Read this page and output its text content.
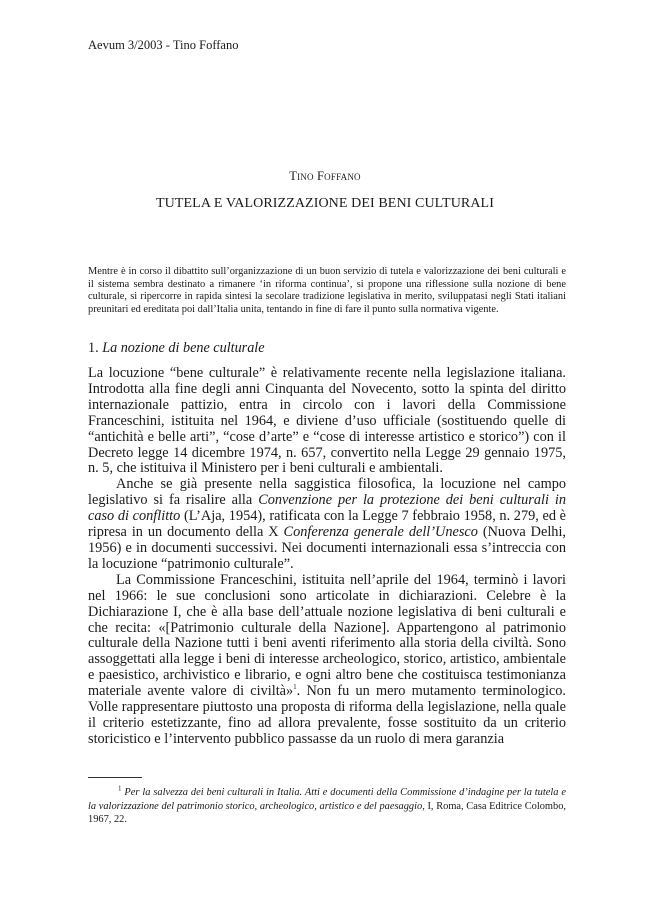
Aevum 3/2003 - Tino Foffano
Tino Foffano
TUTELA E VALORIZZAZIONE DEI BENI CULTURALI
Mentre è in corso il dibattito sull’organizzazione di un buon servizio di tutela e valorizzazione dei beni culturali e il sistema sembra destinato a rimanere ‘in riforma continua’, si propone una riflessione sulla nozione di bene culturale, si ripercorre in rapida sintesi la secolare tradizione legislativa in merito, sviluppatasi negli Stati italiani preunitari ed ereditata poi dall’Italia unita, tentando in fine di fare il punto sulla normativa vigente.
1. La nozione di bene culturale

La locuzione “bene culturale” è relativamente recente nella legislazione italiana. Introdotta alla fine degli anni Cinquanta del Novecento, sotto la spinta del diritto internazionale pattizio, entra in circolo con i lavori della Commissione Franceschini, istituita nel 1964, e diviene d’uso ufficiale (sostituendo quelle di “antichità e belle arti”, “cose d’arte” e “cose di interesse artistico e storico”) con il Decreto legge 14 dicembre 1974, n. 657, convertito nella Legge 29 gennaio 1975, n. 5, che istituiva il Ministero per i beni culturali e ambientali.

Anche se già presente nella saggistica filosofica, la locuzione nel campo legislativo si fa risalire alla Convenzione per la protezione dei beni culturali in caso di conflitto (L’Aja, 1954), ratificata con la Legge 7 febbraio 1958, n. 279, ed è ripresa in un documento della X Conferenza generale dell’Unesco (Nuova Delhi, 1956) e in documenti successivi. Nei documenti internazionali essa s’intreccia con la locuzione “patrimonio culturale”.

La Commissione Franceschini, istituita nell’aprile del 1964, terminò i lavori nel 1966: le sue conclusioni sono articolate in dichiarazioni. Celebre è la Dichiarazione I, che è alla base dell’attuale nozione legislativa di beni culturali e che recita: «[Patrimonio culturale della Nazione]. Appartengono al patrimonio culturale della Nazione tutti i beni aventi riferimento alla storia della civiltà. Sono assoggettati alla legge i beni di interesse archeologico, storico, artistico, ambientale e paesistico, archivistico e librario, e ogni altro bene che costituisca testimonianza materiale avente valore di civiltà»$^1$. Non fu un mero mutamento terminologico. Volle rappresentare piuttosto una proposta di riforma della legislazione, nella quale il criterio estetizzante, fino ad allora prevalente, fosse sostituito da un criterio storicistico e l’intervento pubblico passasse da un ruolo di mera garanzia

$^1$ Per la salvezza dei beni culturali in Italia. Atti e documenti della Commissione d’indagine per la tutela e la valorizzazione del patrimonio storico, archeologico, artistico e del paesaggio, I, Roma, Casa Editrice Colombo, 1967, 22.
